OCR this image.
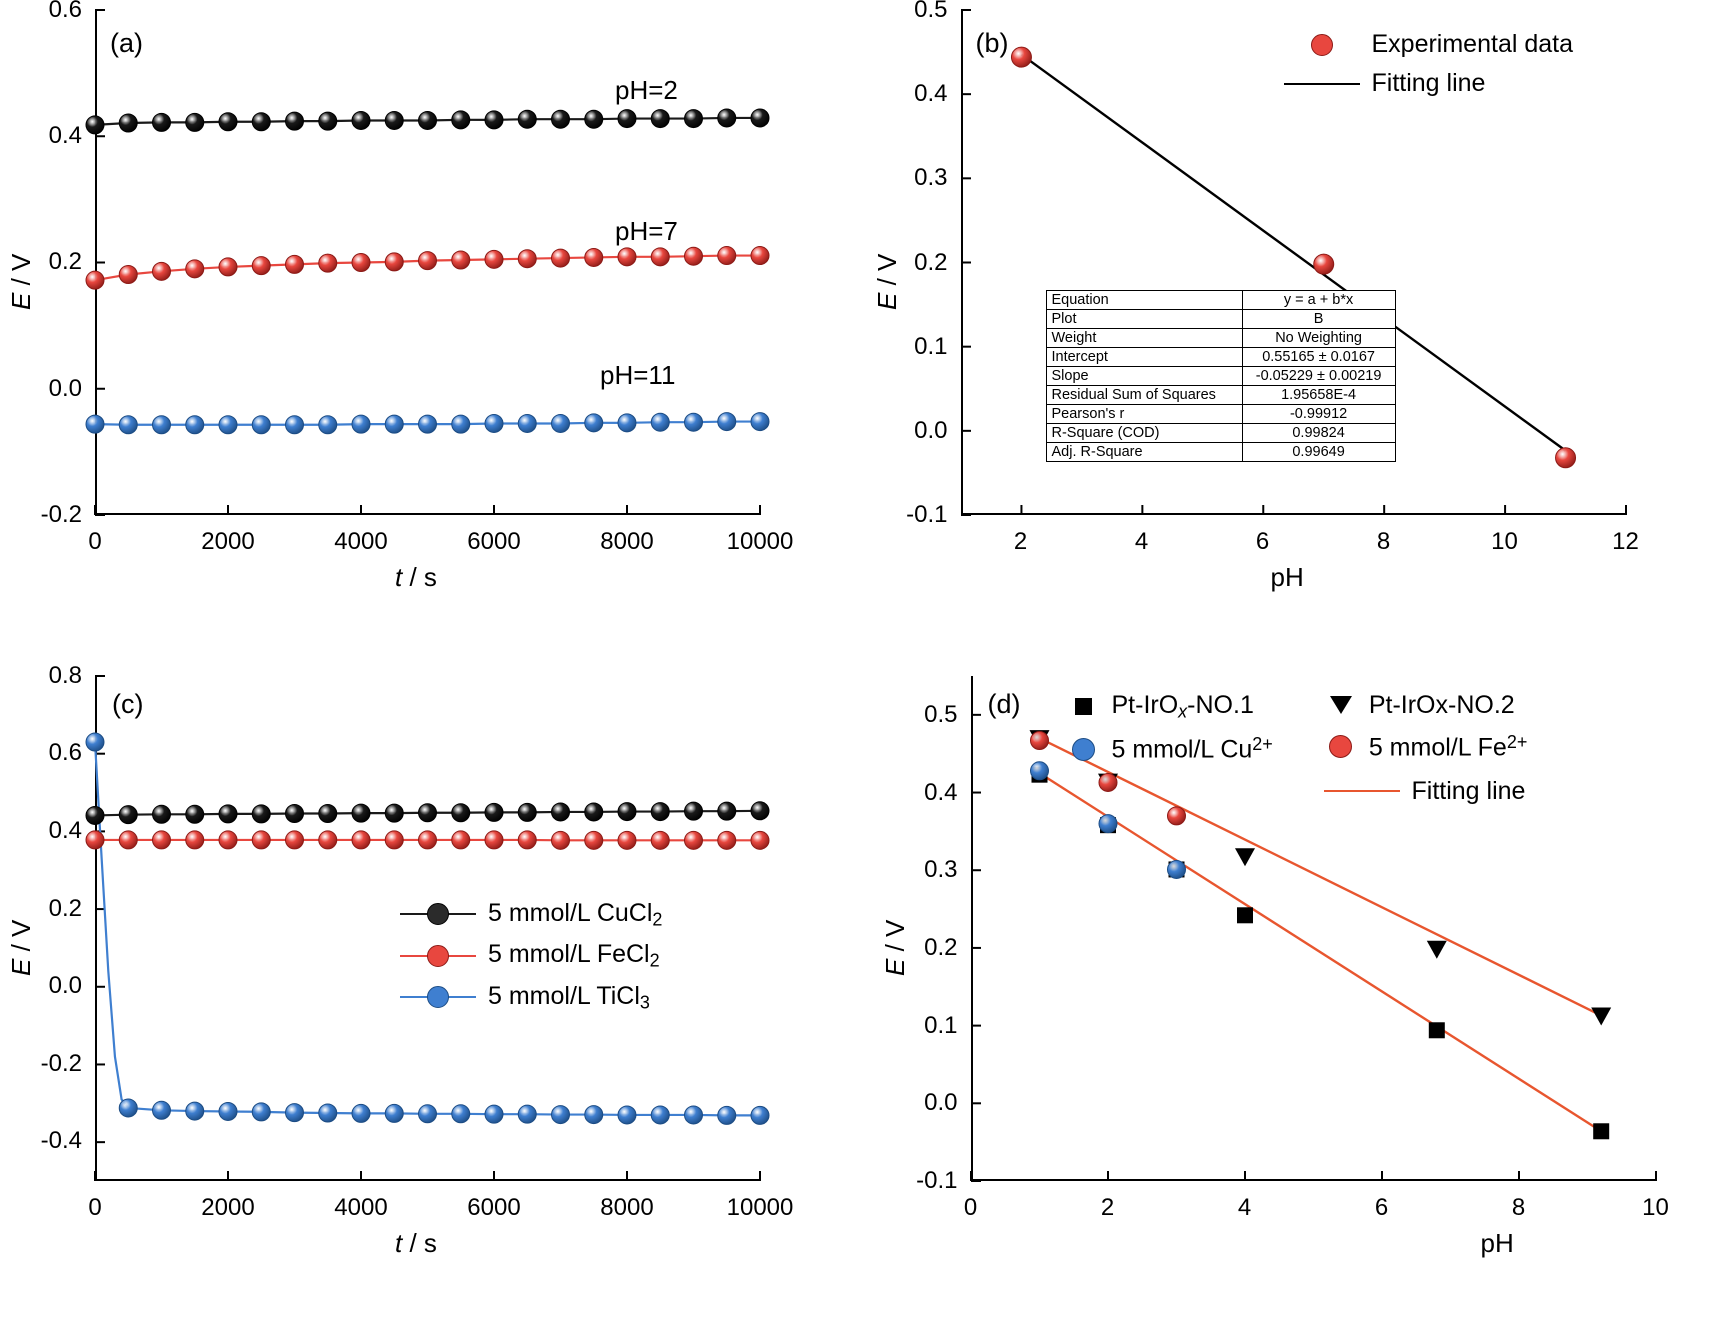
(a)
0.6
0.4
0.2
0.0
-0.2
0	2000	4000	6000	8000	10000
E / V
t / s
pH=2
pH=7
pH=11
(b)
0.5
0.4
0.3
0.2
0.1
0.0
-0.1
2	4	6	8	10	12
E / V
pH
Experimental data
Fitting line
Equation	y = a + b*x
Plot	B
Weight	No Weighting
Intercept	0.55165 ± 0.0167
Slope	-0.05229 ± 0.00219
Residual Sum of Squares	1.95658E-4
Pearson's r	-0.99912
R-Square (COD)	0.99824
Adj. R-Square	0.99649
(c)
0.8
0.6
0.4
0.2
0.0
-0.2
-0.4
0	2000	4000	6000	8000	10000
E / V
t / s
5 mmol/L CuCl$_2$
5 mmol/L FeCl$_2$
5 mmol/L TiCl$_3$
(d)
0.5
0.4
0.3
0.2
0.1
0.0
-0.1
0	2	4	6	8	10
E / V
pH
Pt-IrO$_x$-NO.1
5 mmol/L $Cu^{2+}$
Pt-IrOx-NO.2
5 mmol/L $Fe^{2+}$
Fitting line
